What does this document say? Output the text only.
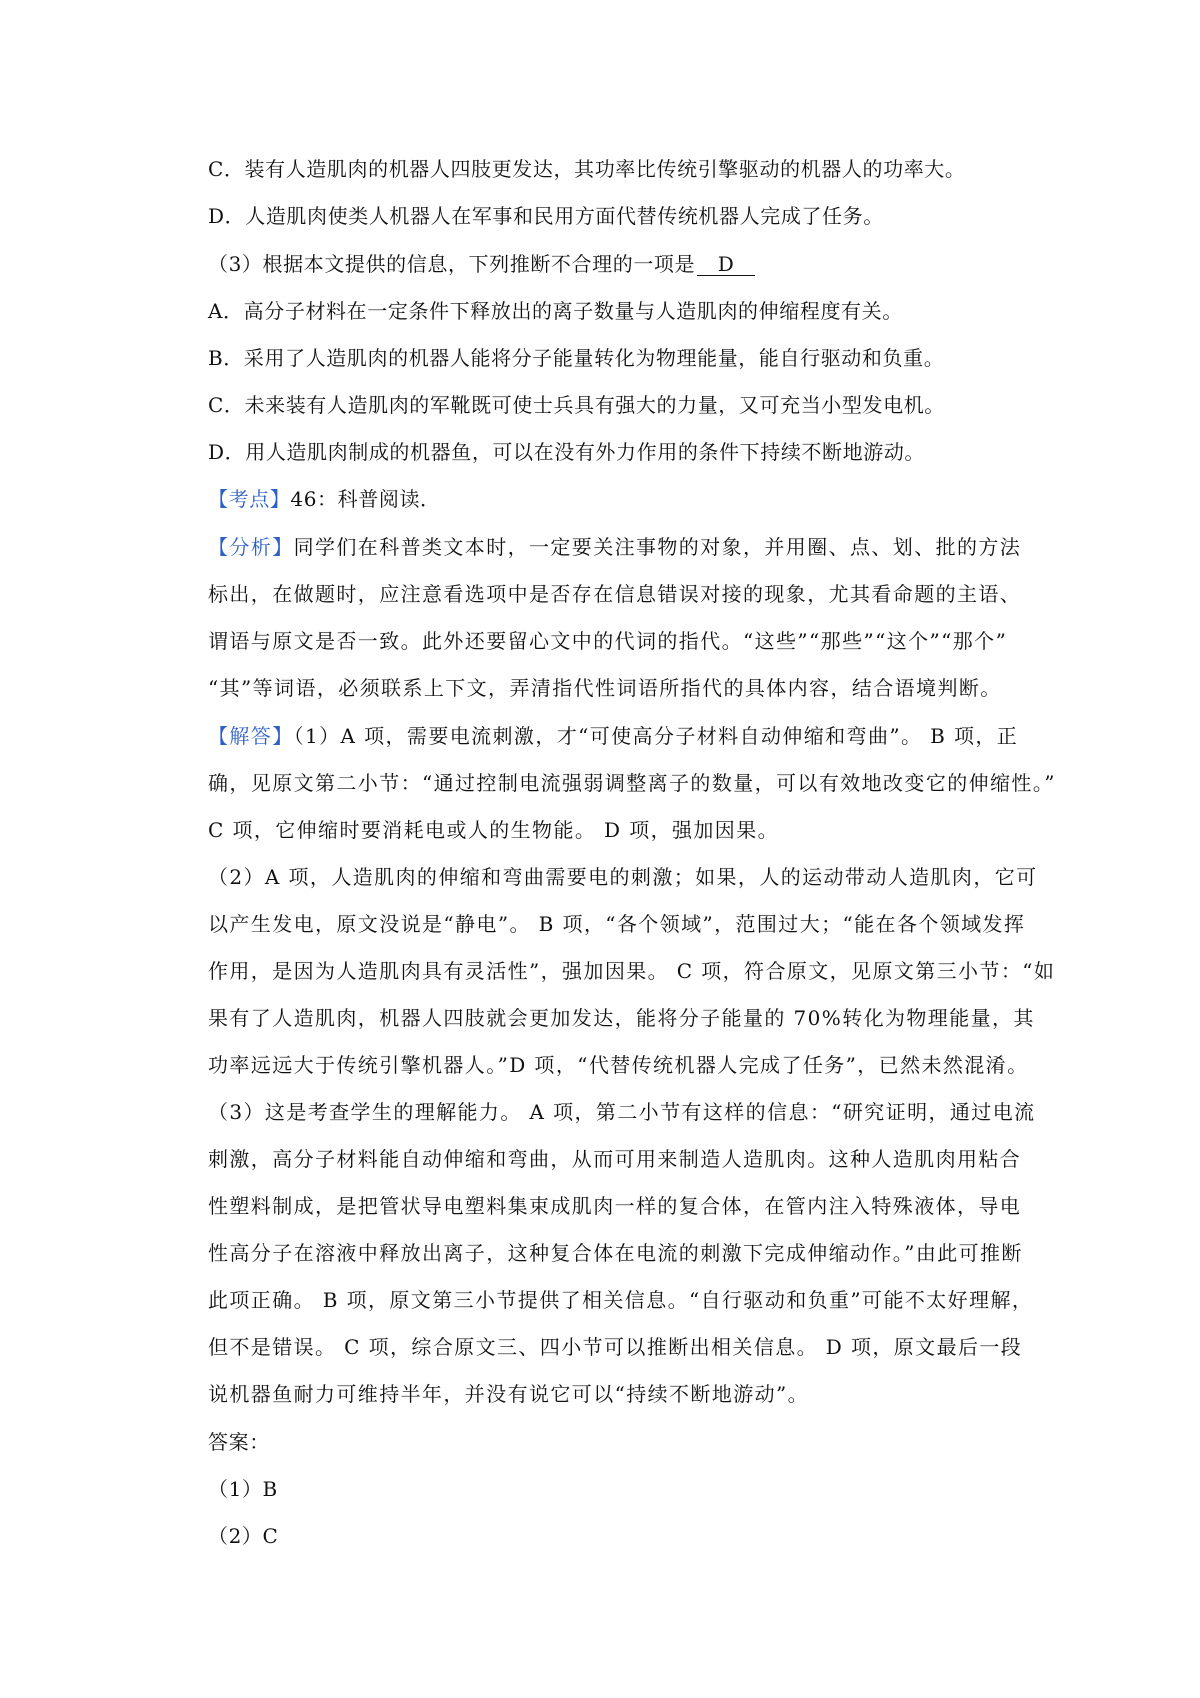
C．装有人造肌肉的机器人四肢更发达，其功率比传统引擎驱动的机器人的功率大。
D．人造肌肉使类人机器人在军事和民用方面代替传统机器人完成了任务。
（3）根据本文提供的信息，下列推断不合理的一项是 D
A．高分子材料在一定条件下释放出的离子数量与人造肌肉的伸缩程度有关。
B．采用了人造肌肉的机器人能将分子能量转化为物理能量，能自行驱动和负重。
C．未来装有人造肌肉的军靴既可使士兵具有强大的力量，又可充当小型发电机。
D．用人造肌肉制成的机器鱼，可以在没有外力作用的条件下持续不断地游动。
【考点】46：科普阅读．
【分析】同学们在科普类文本时，一定要关注事物的对象，并用圈、点、划、批的方法
标出，在做题时，应注意看选项中是否存在信息错误对接的现象，尤其看命题的主语、
谓语与原文是否一致。此外还要留心文中的代词的指代。“这些”“那些”“这个”“那个”
“其”等词语，必须联系上下文，弄清指代性词语所指代的具体内容，结合语境判断。
【解答】（1）A 项，需要电流刺激，才“可使高分子材料自动伸缩和弯曲”。 B 项，正
确，见原文第二小节：“通过控制电流强弱调整离子的数量，可以有效地改变它的伸缩性。”
C 项，它伸缩时要消耗电或人的生物能。 D 项，强加因果。
（2）A 项，人造肌肉的伸缩和弯曲需要电的刺激；如果，人的运动带动人造肌肉，它可
以产生发电，原文没说是“静电”。 B 项，“各个领域”，范围过大；“能在各个领域发挥
作用，是因为人造肌肉具有灵活性”，强加因果。 C 项，符合原文，见原文第三小节：“如
果有了人造肌肉，机器人四肢就会更加发达，能将分子能量的 70%转化为物理能量，其
功率远远大于传统引擎机器人。”D 项，“代替传统机器人完成了任务”，已然未然混淆。
（3）这是考查学生的理解能力。 A 项，第二小节有这样的信息：“研究证明，通过电流
刺激，高分子材料能自动伸缩和弯曲，从而可用来制造人造肌肉。这种人造肌肉用粘合
性塑料制成，是把管状导电塑料集束成肌肉一样的复合体，在管内注入特殊液体，导电
性高分子在溶液中释放出离子，这种复合体在电流的刺激下完成伸缩动作。”由此可推断
此项正确。 B 项，原文第三小节提供了相关信息。“自行驱动和负重”可能不太好理解，
但不是错误。 C 项，综合原文三、四小节可以推断出相关信息。 D 项，原文最后一段
说机器鱼耐力可维持半年，并没有说它可以“持续不断地游动”。
答案：
（1）B
（2）C
